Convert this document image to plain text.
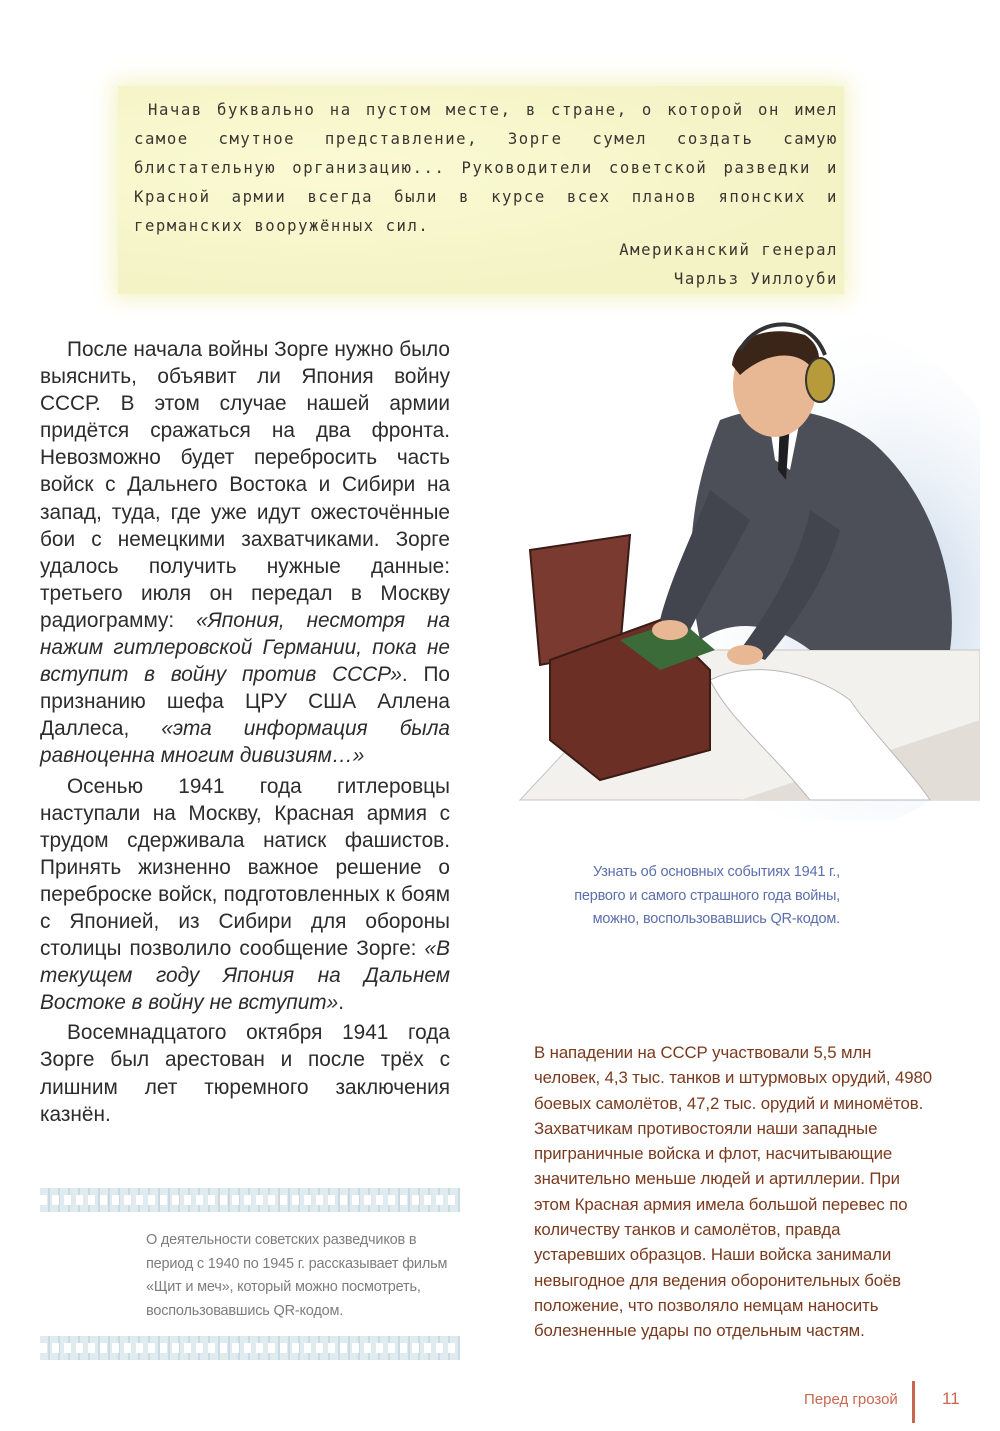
Начав буквально на пустом месте, в стране, о которой он имел самое смутное представление, Зорге сумел создать самую блистательную организацию... Руководители советской разведки и Красной армии всегда были в курсе всех планов японских и германских вооружённых сил.

Американский генерал
Чарльз Уиллоуби

После начала войны Зорге нужно было выяснить, объявит ли Япония войну СССР. В этом случае нашей армии придётся сражаться на два фронта. Невозможно будет перебросить часть войск с Дальнего Востока и Сибири на запад, туда, где уже идут ожесточённые бои с немецкими захватчиками. Зорге удалось получить нужные данные: третьего июля он передал в Москву радиограмму: «Япония, несмотря на нажим гитлеровской Германии, пока не вступит в войну против СССР». По признанию шефа ЦРУ США Аллена Даллеса, «эта информация была равноценна многим дивизиям…»

Осенью 1941 года гитлеровцы наступали на Москву, Красная армия с трудом сдерживала натиск фашистов. Принять жизненно важное решение о переброске войск, подготовленных к боям с Японией, из Сибири для обороны столицы позволило сообщение Зорге: «В текущем году Япония на Дальнем Востоке в войну не вступит».

Восемнадцатого октября 1941 года Зорге был арестован и после трёх с лишним лет тюремного заключения казнён.

Узнать об основных событиях 1941 г., первого и самого страшного года войны, можно, воспользовавшись QR-кодом.
В нападении на СССР участвовали 5,5 млн человек, 4,3 тыс. танков и штурмовых орудий, 4980 боевых самолётов, 47,2 тыс. орудий и миномётов. Захватчикам противостояли наши западные приграничные войска и флот, насчитывающие значительно меньше людей и артиллерии. При этом Красная армия имела большой перевес по количеству танков и самолётов, правда устаревших образцов. Наши войска занимали невыгодное для ведения оборонительных боёв положение, что позволяло немцам наносить болезненные удары по отдельным частям.
О деятельности советских разведчиков в период с 1940 по 1945 г. рассказывает фильм «Щит и меч», который можно посмотреть, воспользовавшись QR-кодом.
Перед грозой	11
